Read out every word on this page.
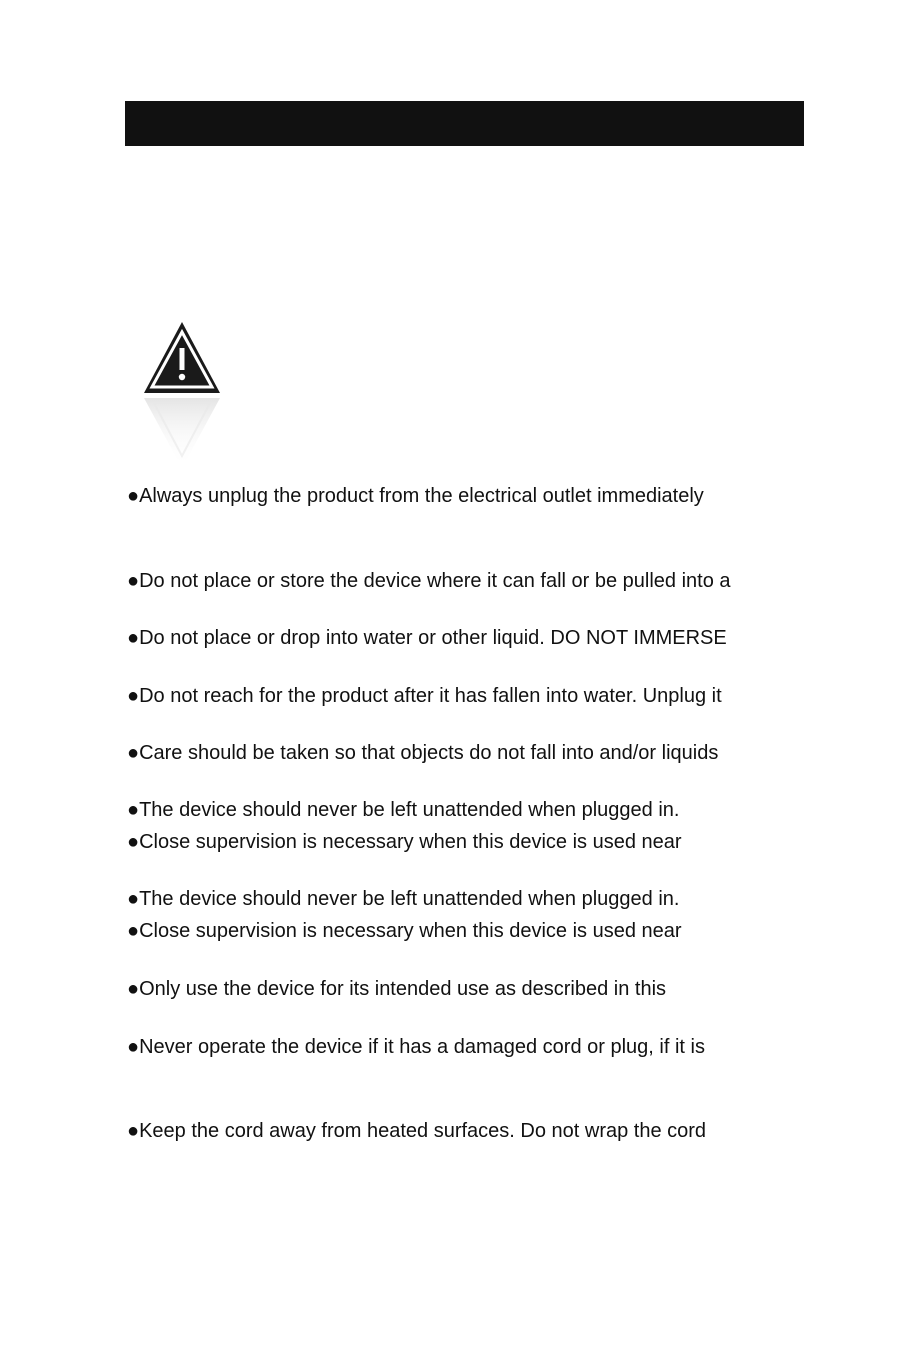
●Always unplug the product from the electrical outlet immediately
●Do not place or store the device where it can fall or be pulled into a
●Do not place or drop into water or other liquid. DO NOT IMMERSE
●Do not reach for the product after it has fallen into water. Unplug it
●Care should be taken so that objects do not fall into and/or liquids
●The device should never be left unattended when plugged in.
●Close supervision is necessary when this device is used near
●The device should never be left unattended when plugged in.
●Close supervision is necessary when this device is used near
●Only use the device for its intended use as described in this
●Never operate the device if it has a damaged cord or plug, if it is
●Keep the cord away from heated surfaces. Do not wrap the cord
